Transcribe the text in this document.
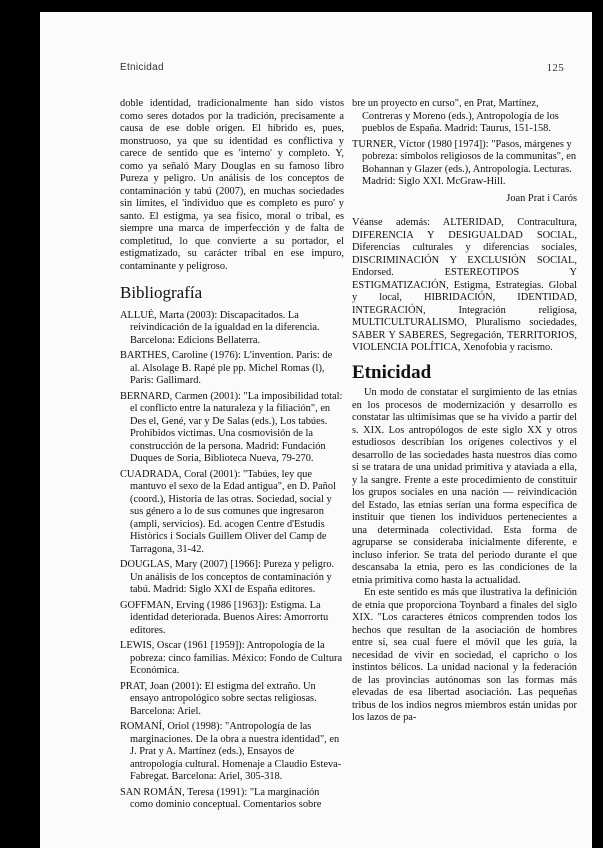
Etnicidad	125

doble identidad, tradicionalmente han sido vistos como seres dotados por la tradición, precisamente a causa de ese doble origen. El híbrido es, pues, monstruoso, ya que su identidad es conflictiva y carece de sentido que es 'interno' y completo. Y, como ya señaló Mary Douglas en su famoso libro Pureza y peligro. Un análisis de los conceptos de contaminación y tabú (2007), en muchas sociedades sin límites, el 'individuo que es completo es puro' y santo. El estigma, ya sea físico, moral o tribal, es siempre una marca de imperfección y de falta de completitud, lo que convierte a su portador, el estigmatizado, su carácter tribal en ese impuro, contaminante y peligroso.

Bibliografía

ALLUÉ, Marta (2003): Discapacitados. La reivindicación de la igualdad en la diferencia. Barcelona: Edicions Bellaterra.

BARTHES, Caroline (1976): L'invention. Paris: de al. Alsolage B. Rapé ple pp. Michel Romas (l), Paris: Gallimard.

BERNARD, Carmen (2001): "La imposibilidad total: el conflicto entre la naturaleza y la filiación", en Des el, Gené, var y De Salas (eds.), Los tabúes. Prohibidos victimas. Una cosmovisión de la construcción de la persona. Madrid: Fundación Duques de Soria, Biblioteca Nueva, 79-270.

CUADRADA, Coral (2001): "Tabúes, ley que mantuvo el sexo de la Edad antigua", en D. Pañol (coord.), Historia de las otras. Sociedad, social y sus género a lo de sus comunes que ingresaron (ampli, servicios). Ed. acogen Centre d'Estudis Històrics i Socials Guillem Oliver del Camp de Tarragona, 31-42.

DOUGLAS, Mary (2007) [1966]: Pureza y peligro. Un análisis de los conceptos de contaminación y tabú. Madrid: Siglo XXI de España editores.

GOFFMAN, Erving (1986 [1963]): Estigma. La identidad deteriorada. Buenos Aires: Amorrortu editores.

LEWIS, Oscar (1961 [1959]): Antropología de la pobreza: cinco familias. México: Fondo de Cultura Económica.

PRAT, Joan (2001): El estigma del extraño. Un ensayo antropológico sobre sectas religiosas. Barcelona: Ariel.

ROMANÍ, Oriol (1998): "Antropología de las marginaciones. De la obra a nuestra identidad", en J. Prat y A. Martínez (eds.), Ensayos de antropología cultural. Homenaje a Claudio Esteva-Fabregat. Barcelona: Ariel, 305-318.

SAN ROMÁN, Teresa (1991): "La marginación como dominio conceptual. Comentarios sobre

bre un proyecto en curso", en Prat, Martínez, Contreras y Moreno (eds.), Antropología de los pueblos de España. Madrid: Taurus, 151-158.

TURNER, Víctor (1980 [1974]): "Pasos, márgenes y pobreza: símbolos religiosos de la communitas", en Bohannan y Glazer (eds.), Antropología. Lecturas. Madrid: Siglo XXI. McGraw-Hill.

Joan Prat i Carós

Véanse además: ALTERIDAD, Contracultura, DIFERENCIA Y DESIGUALDAD SOCIAL, Diferencias culturales y diferencias sociales, DISCRIMINACIÓN Y EXCLUSIÓN SOCIAL, Endorsed. ESTEREOTIPOS Y ESTIGMATIZACIÓN, Estigma, Estrategias. Global y local, HIBRIDACIÓN, IDENTIDAD, INTEGRACIÓN, Integración religiosa, MULTICULTURALISMO, Pluralismo sociedades, SABER Y SABERES, Segregación, TERRITORIOS, VIOLENCIA POLÍTICA, Xenofobia y racismo.

Etnicidad

Un modo de constatar el surgimiento de las etnias en los procesos de modernización y desarrollo es constatar las ultimísimas que se ha vivido a partir del s. XIX. Los antropólogos de este siglo XX y otros estudiosos describían los orígenes colectivos y el desarrollo de las sociedades hasta nuestros días como si se tratara de una unidad primitiva y ataviada a ella, y la sangre. Frente a este procedimiento de constituir los grupos sociales en una nación — reivindicación del Estado, las etnias serían una forma específica de instituir que tienen los individuos pertenecientes a una determinada colectividad. Esta forma de agruparse se consideraba inicialmente diferente, e incluso inferior. Se trata del periodo durante el que descansaba la etnia, pero es las condiciones de la etnia primitiva como hasta la actualidad.

En este sentido es más que ilustrativa la definición de etnia que proporciona Toynbard a finales del siglo XIX. "Los caracteres étnicos comprenden todos los hechos que resultan de la asociación de hombres entre sí, sea cual fuere el móvil que les guía, la necesidad de vivir en sociedad, el capricho o los instintos bélicos. La unidad nacional y la federación de las provincias autónomas son las formas más elevadas de esa libertad asociación. Las pequeñas tribus de los indios negros miembros están unidas por los lazos de pa-
